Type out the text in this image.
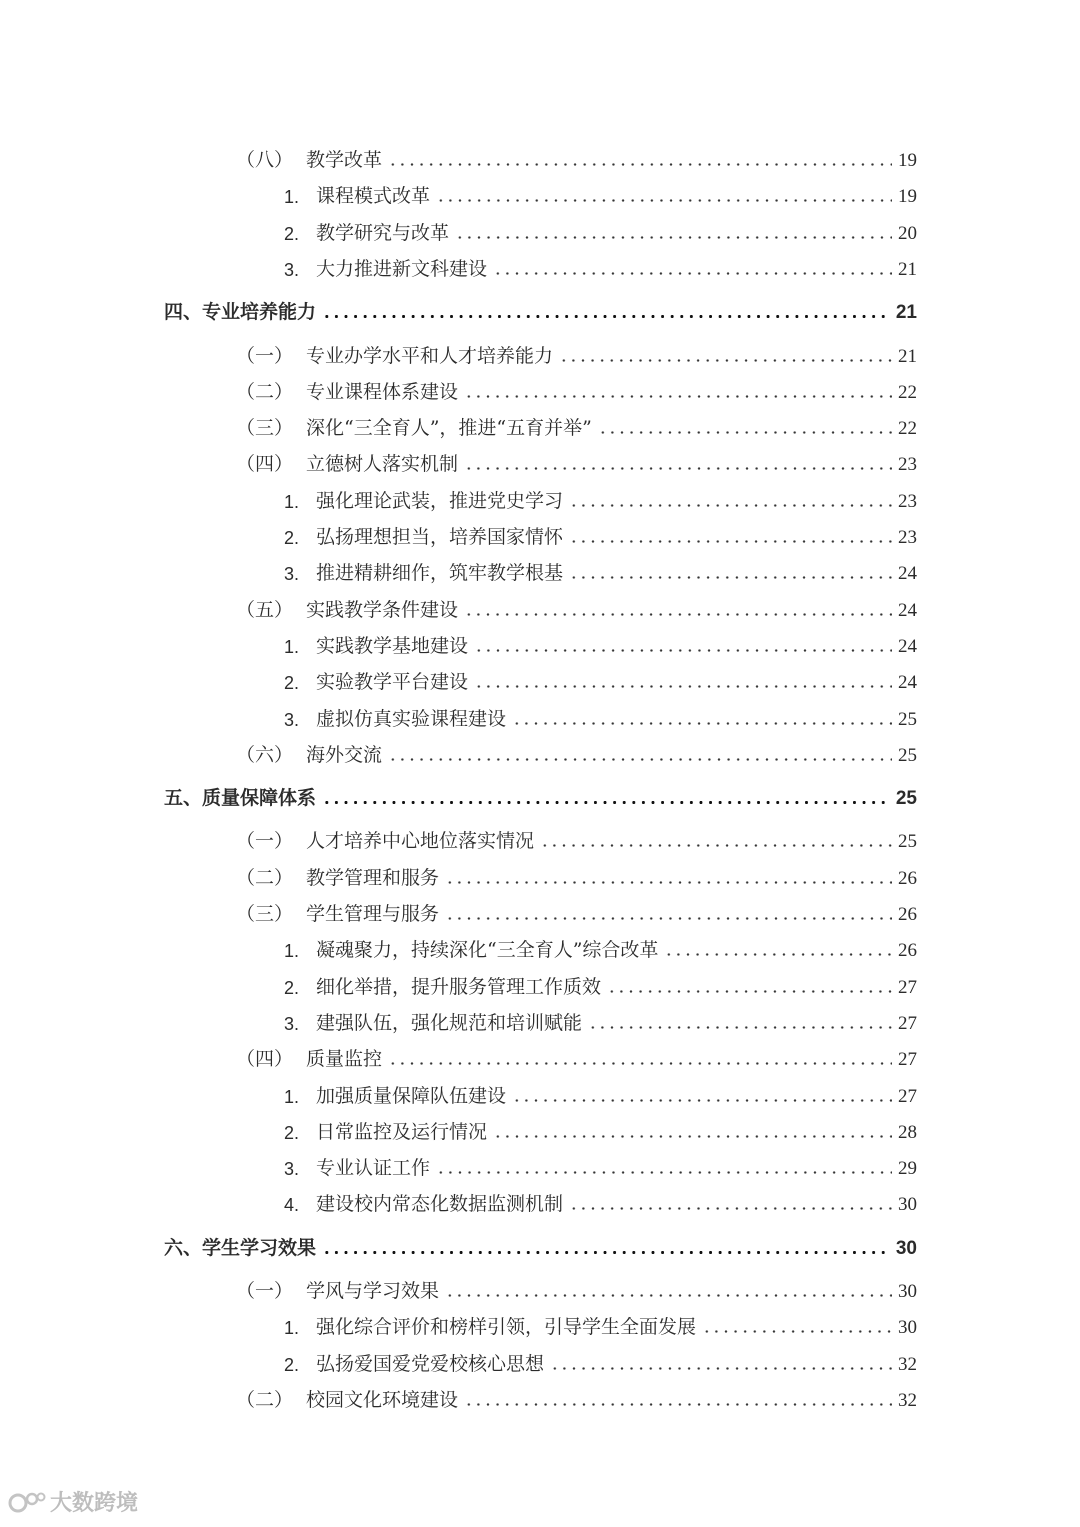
（八） 教学改革	19
1. 课程模式改革	19
2. 教学研究与改革	20
3. 大力推进新文科建设	21
四、专业培养能力	21
（一） 专业办学水平和人才培养能力	21
（二） 专业课程体系建设	22
（三） 深化“三全育人”，推进“五育并举”	22
（四） 立德树人落实机制	23
1. 强化理论武装，推进党史学习	23
2. 弘扬理想担当，培养国家情怀	23
3. 推进精耕细作，筑牢教学根基	24
（五） 实践教学条件建设	24
1. 实践教学基地建设	24
2. 实验教学平台建设	24
3. 虚拟仿真实验课程建设	25
（六） 海外交流	25
五、质量保障体系	25
（一） 人才培养中心地位落实情况	25
（二） 教学管理和服务	26
（三） 学生管理与服务	26
1. 凝魂聚力，持续深化“三全育人”综合改革	26
2. 细化举措，提升服务管理工作质效	27
3. 建强队伍，强化规范和培训赋能	27
（四） 质量监控	27
1. 加强质量保障队伍建设	27
2. 日常监控及运行情况	28
3. 专业认证工作	29
4. 建设校内常态化数据监测机制	30
六、学生学习效果	30
（一） 学风与学习效果	30
1. 强化综合评价和榜样引领，引导学生全面发展	30
2. 弘扬爱国爱党爱校核心思想	32
（二） 校园文化环境建设	32
大数跨境
